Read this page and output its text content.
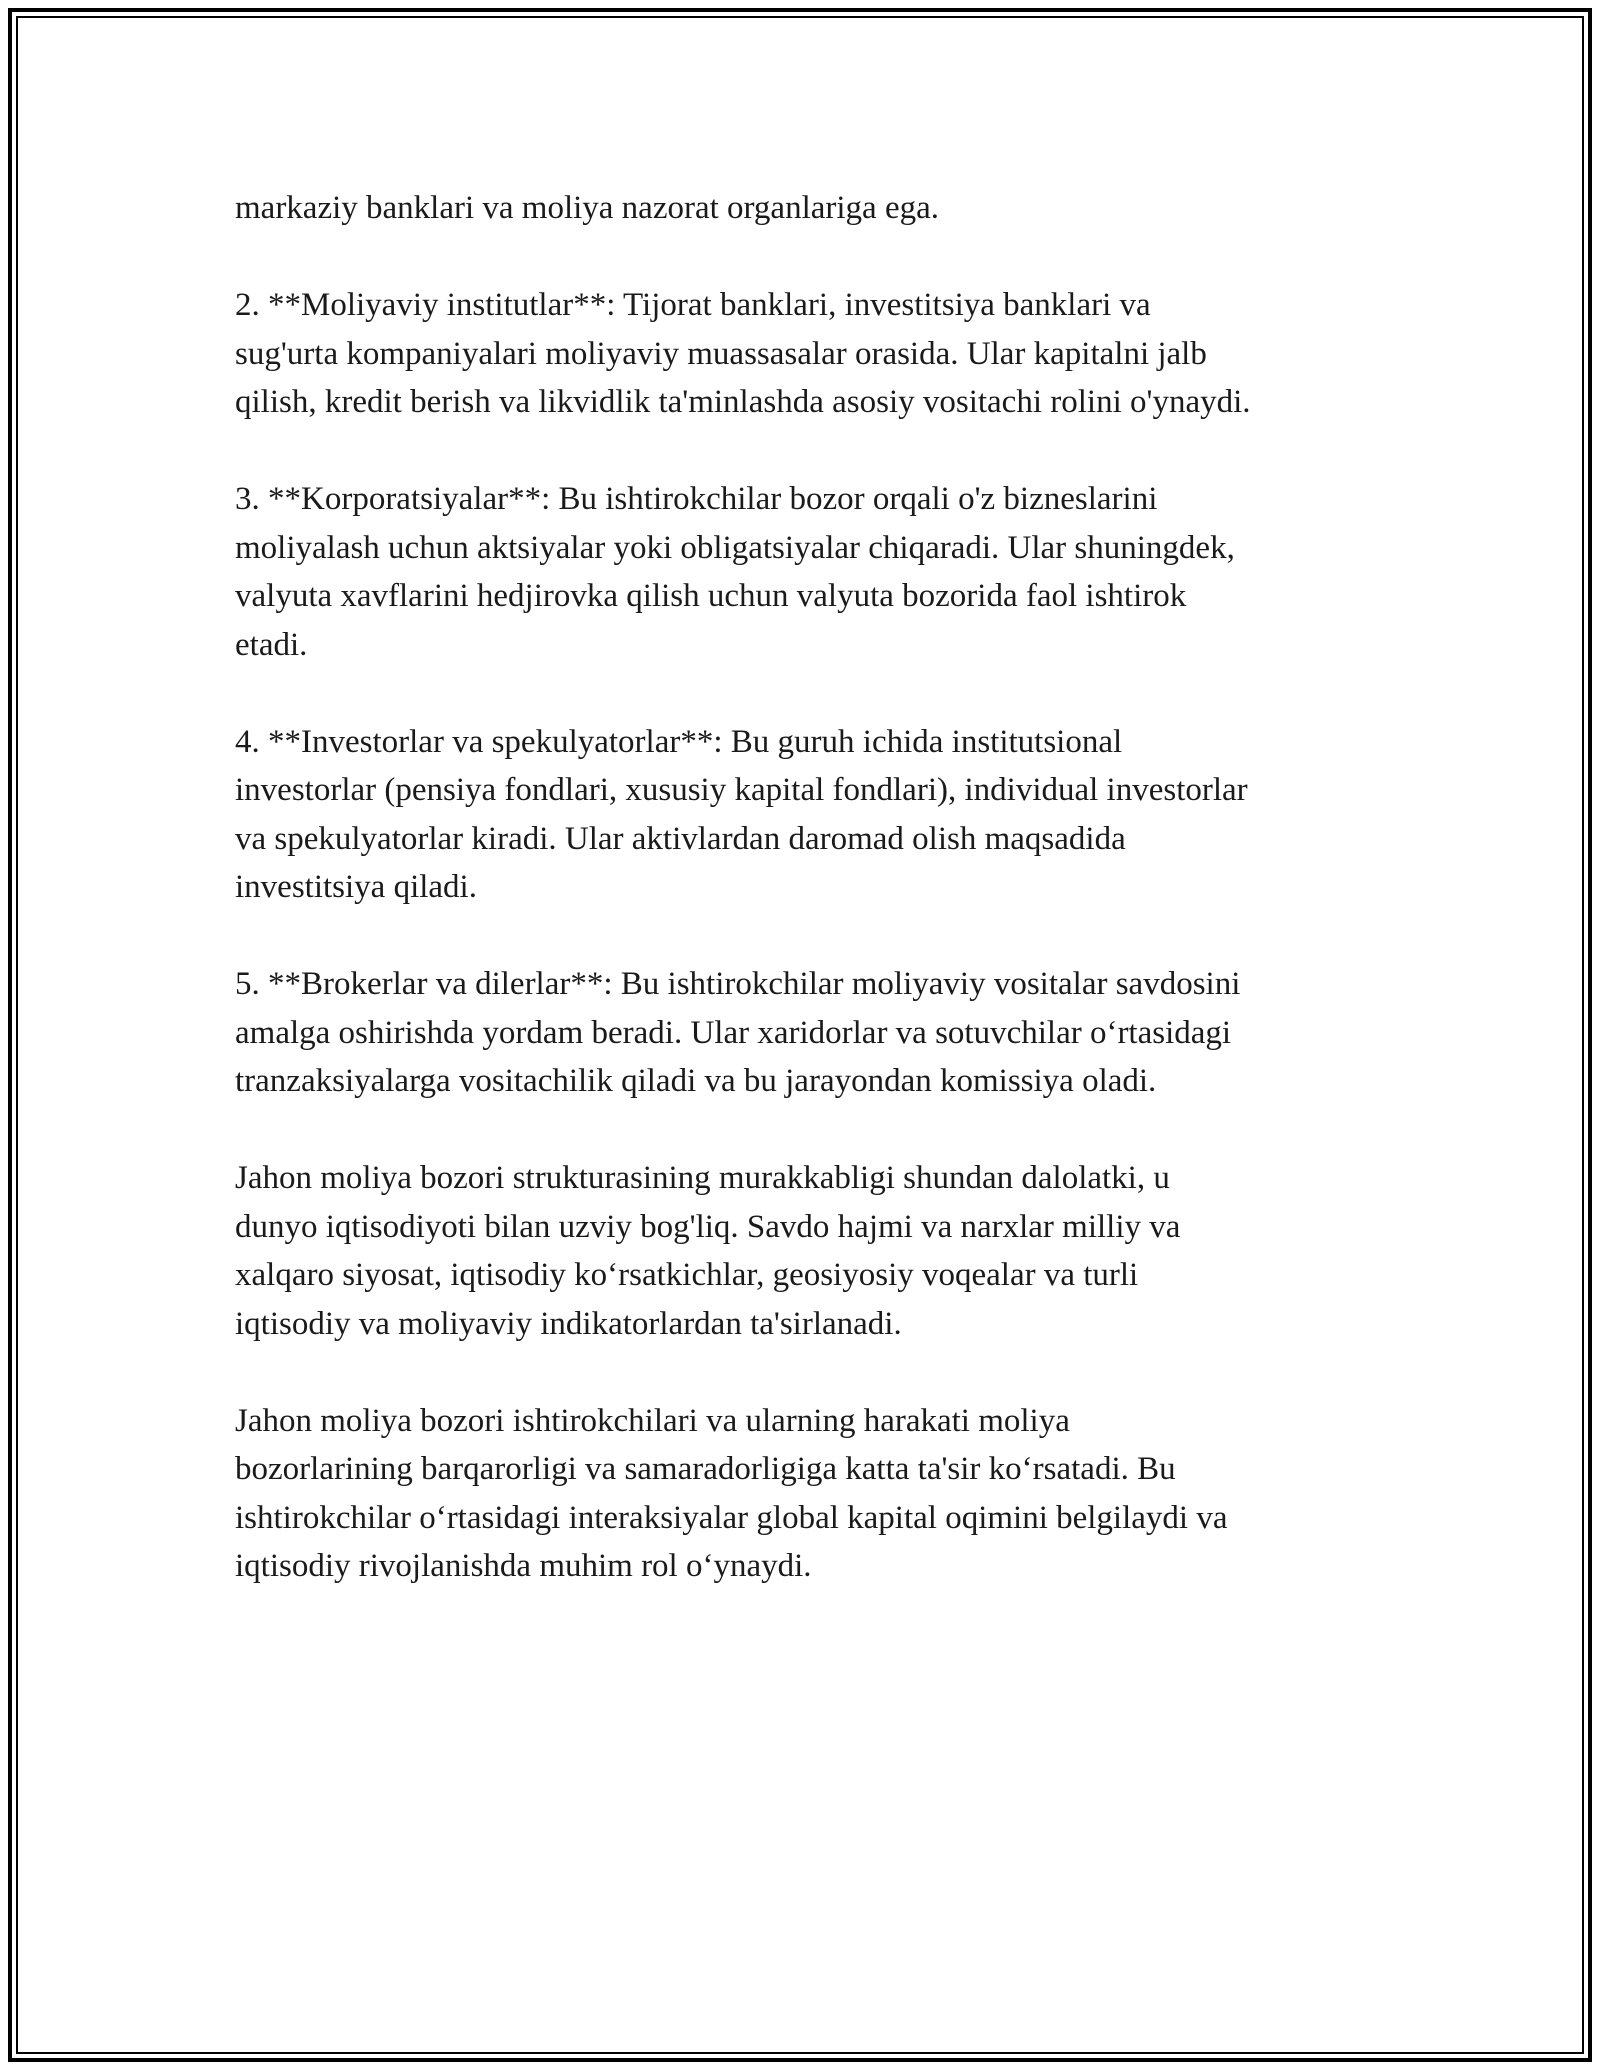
markaziy banklari va moliya nazorat organlariga ega.

2. **Moliyaviy institutlar**: Tijorat banklari, investitsiya banklari va
sug'urta kompaniyalari moliyaviy muassasalar orasida. Ular kapitalni jalb
qilish, kredit berish va likvidlik ta'minlashda asosiy vositachi rolini o'ynaydi.

3. **Korporatsiyalar**: Bu ishtirokchilar bozor orqali o'z bizneslarini
moliyalash uchun aktsiyalar yoki obligatsiyalar chiqaradi. Ular shuningdek,
valyuta xavflarini hedjirovka qilish uchun valyuta bozorida faol ishtirok
etadi.

4. **Investorlar va spekulyatorlar**: Bu guruh ichida institutsional
investorlar (pensiya fondlari, xususiy kapital fondlari), individual investorlar
va spekulyatorlar kiradi. Ular aktivlardan daromad olish maqsadida
investitsiya qiladi.

5. **Brokerlar va dilerlar**: Bu ishtirokchilar moliyaviy vositalar savdosini
amalga oshirishda yordam beradi. Ular xaridorlar va sotuvchilar oʻrtasidagi
tranzaksiyalarga vositachilik qiladi va bu jarayondan komissiya oladi.

Jahon moliya bozori strukturasining murakkabligi shundan dalolatki, u
dunyo iqtisodiyoti bilan uzviy bog'liq. Savdo hajmi va narxlar milliy va
xalqaro siyosat, iqtisodiy koʻrsatkichlar, geosiyosiy voqealar va turli
iqtisodiy va moliyaviy indikatorlardan ta'sirlanadi.

Jahon moliya bozori ishtirokchilari va ularning harakati moliya
bozorlarining barqarorligi va samaradorligiga katta ta'sir koʻrsatadi. Bu
ishtirokchilar oʻrtasidagi interaksiyalar global kapital oqimini belgilaydi va
iqtisodiy rivojlanishda muhim rol oʻynaydi.
